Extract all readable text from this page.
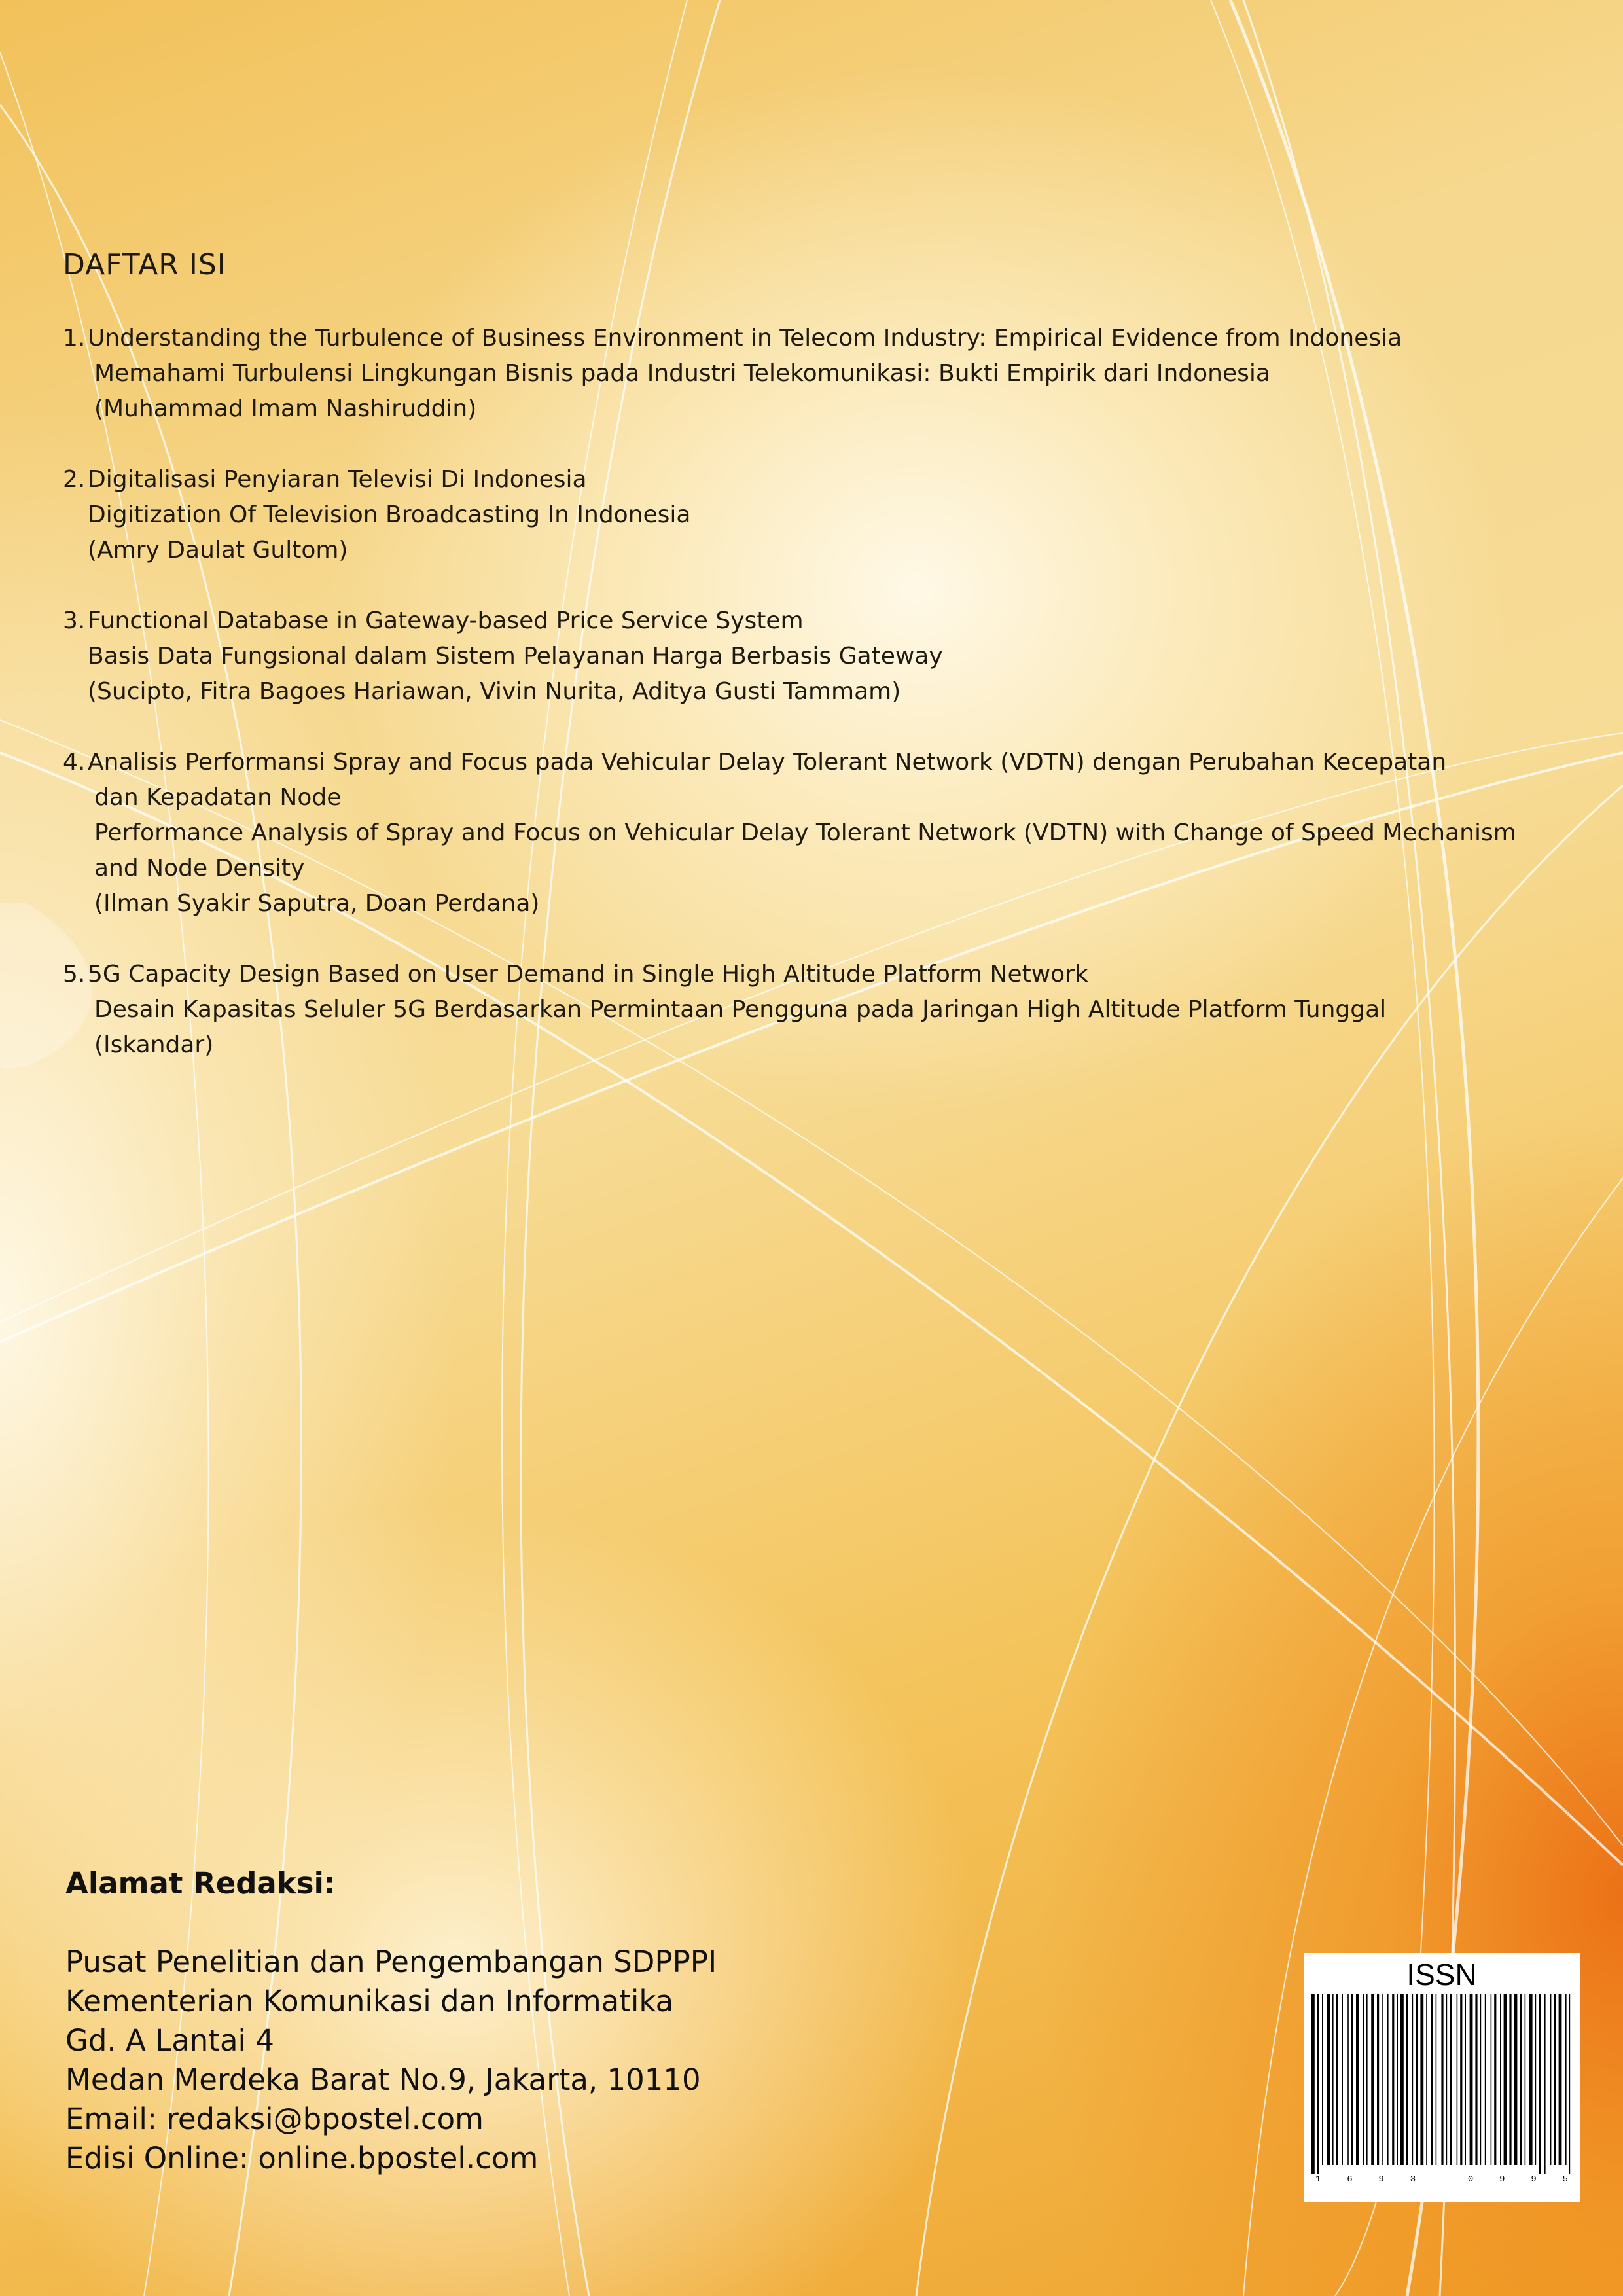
DAFTAR ISI
1. Understanding the Turbulence of Business Environment in Telecom Industry: Empirical Evidence from Indonesia
Memahami Turbulensi Lingkungan Bisnis pada Industri Telekomunikasi: Bukti Empirik dari Indonesia
(Muhammad Imam Nashiruddin)
2. Digitalisasi Penyiaran Televisi Di Indonesia
Digitization Of Television Broadcasting In Indonesia
(Amry Daulat Gultom)
3. Functional Database in Gateway-based Price Service System
Basis Data Fungsional dalam Sistem Pelayanan Harga Berbasis Gateway
(Sucipto, Fitra Bagoes Hariawan, Vivin Nurita, Aditya Gusti Tammam)
4. Analisis Performansi Spray and Focus pada Vehicular Delay Tolerant Network (VDTN) dengan Perubahan Kecepatan
dan Kepadatan Node
Performance Analysis of Spray and Focus on Vehicular Delay Tolerant Network (VDTN) with Change of Speed Mechanism
and Node Density
(Ilman Syakir Saputra, Doan Perdana)
5. 5G Capacity Design Based on User Demand in Single High Altitude Platform Network
Desain Kapasitas Seluler 5G Berdasarkan Permintaan Pengguna pada Jaringan High Altitude Platform Tunggal
(Iskandar)
Alamat Redaksi:
Pusat Penelitian dan Pengembangan SDPPPI
Kementerian Komunikasi dan Informatika
Gd. A Lantai 4
Medan Merdeka Barat No.9, Jakarta, 10110
Email: redaksi@bpostel.com
Edisi Online: online.bpostel.com
ISSN
1	6	9	3	0	9	9	5
